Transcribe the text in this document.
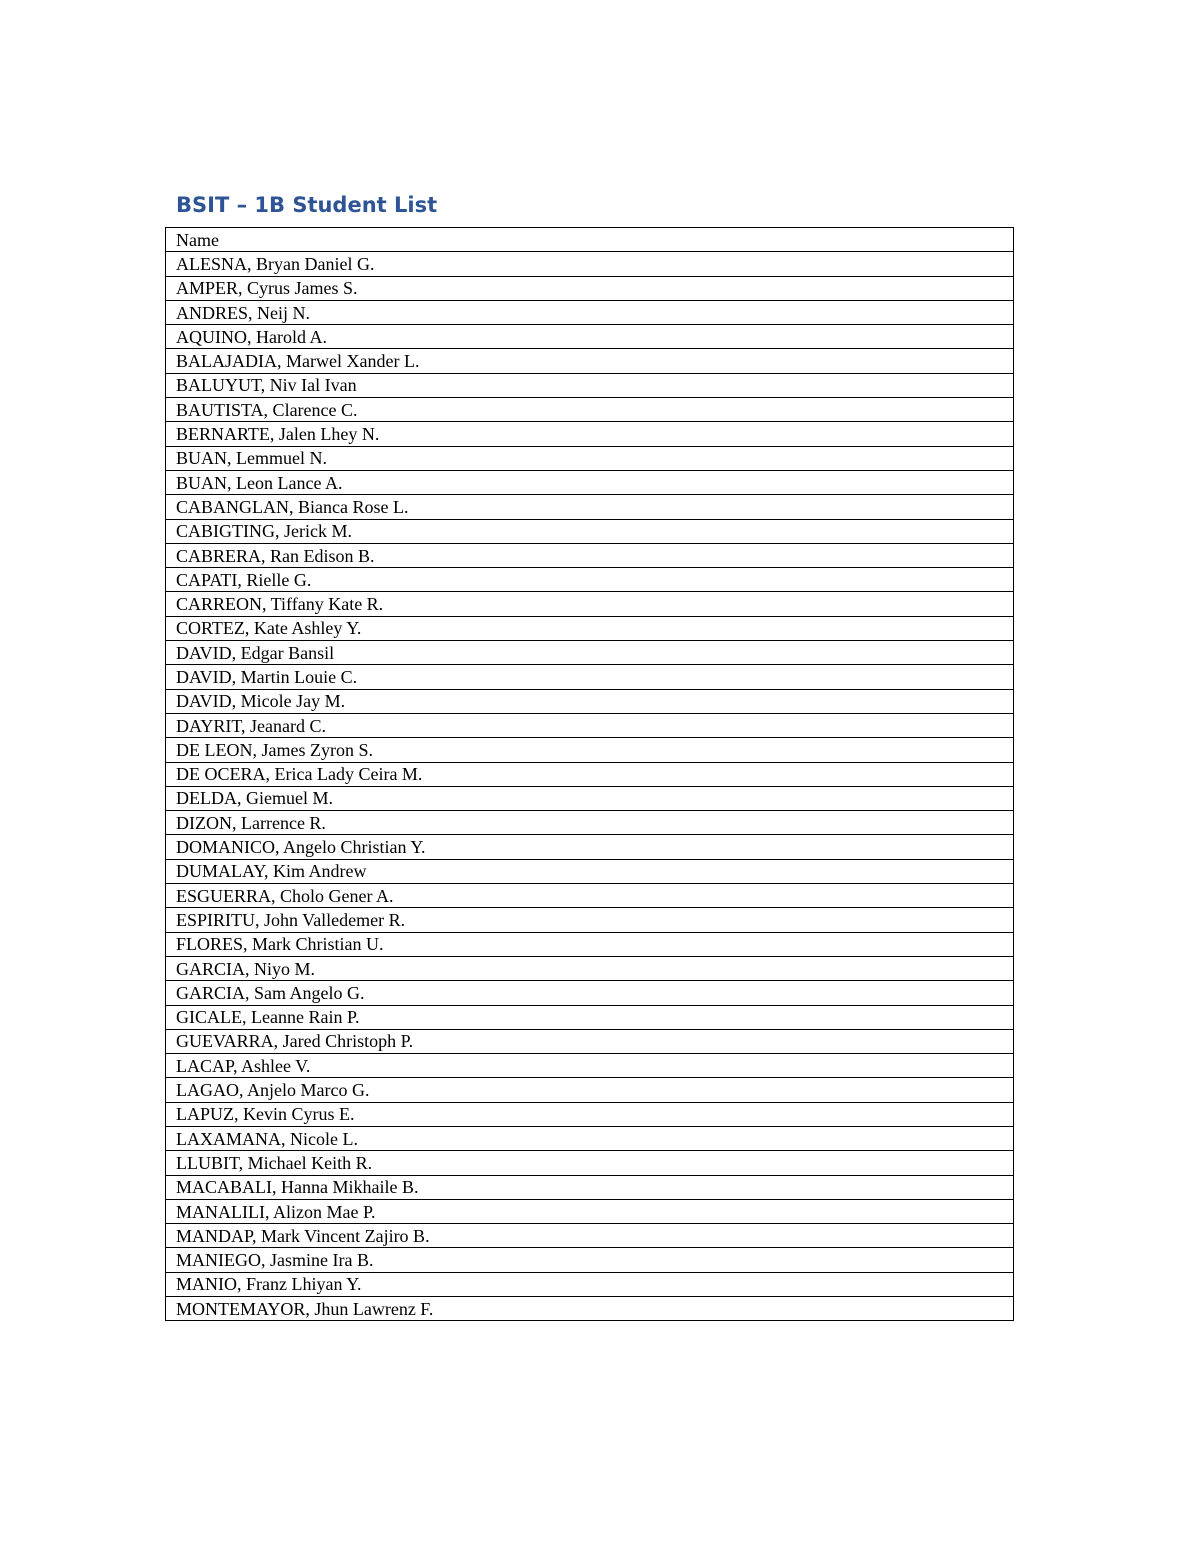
BSIT – 1B Student List
Name
ALESNA, Bryan Daniel G.
AMPER, Cyrus James S.
ANDRES, Neij N.
AQUINO, Harold A.
BALAJADIA, Marwel Xander L.
BALUYUT, Niv Ial Ivan
BAUTISTA, Clarence C.
BERNARTE, Jalen Lhey N.
BUAN, Lemmuel N.
BUAN, Leon Lance A.
CABANGLAN, Bianca Rose L.
CABIGTING, Jerick M.
CABRERA, Ran Edison B.
CAPATI, Rielle G.
CARREON, Tiffany Kate R.
CORTEZ, Kate Ashley Y.
DAVID, Edgar Bansil
DAVID, Martin Louie C.
DAVID, Micole Jay M.
DAYRIT, Jeanard C.
DE LEON, James Zyron S.
DE OCERA, Erica Lady Ceira M.
DELDA, Giemuel M.
DIZON, Larrence R.
DOMANICO, Angelo Christian Y.
DUMALAY, Kim Andrew
ESGUERRA, Cholo Gener A.
ESPIRITU, John Valledemer R.
FLORES, Mark Christian U.
GARCIA, Niyo M.
GARCIA, Sam Angelo G.
GICALE, Leanne Rain P.
GUEVARRA, Jared Christoph P.
LACAP, Ashlee V.
LAGAO, Anjelo Marco G.
LAPUZ, Kevin Cyrus E.
LAXAMANA, Nicole L.
LLUBIT, Michael Keith R.
MACABALI, Hanna Mikhaile B.
MANALILI, Alizon Mae P.
MANDAP, Mark Vincent Zajiro B.
MANIEGO, Jasmine Ira B.
MANIO, Franz Lhiyan Y.
MONTEMAYOR, Jhun Lawrenz F.
